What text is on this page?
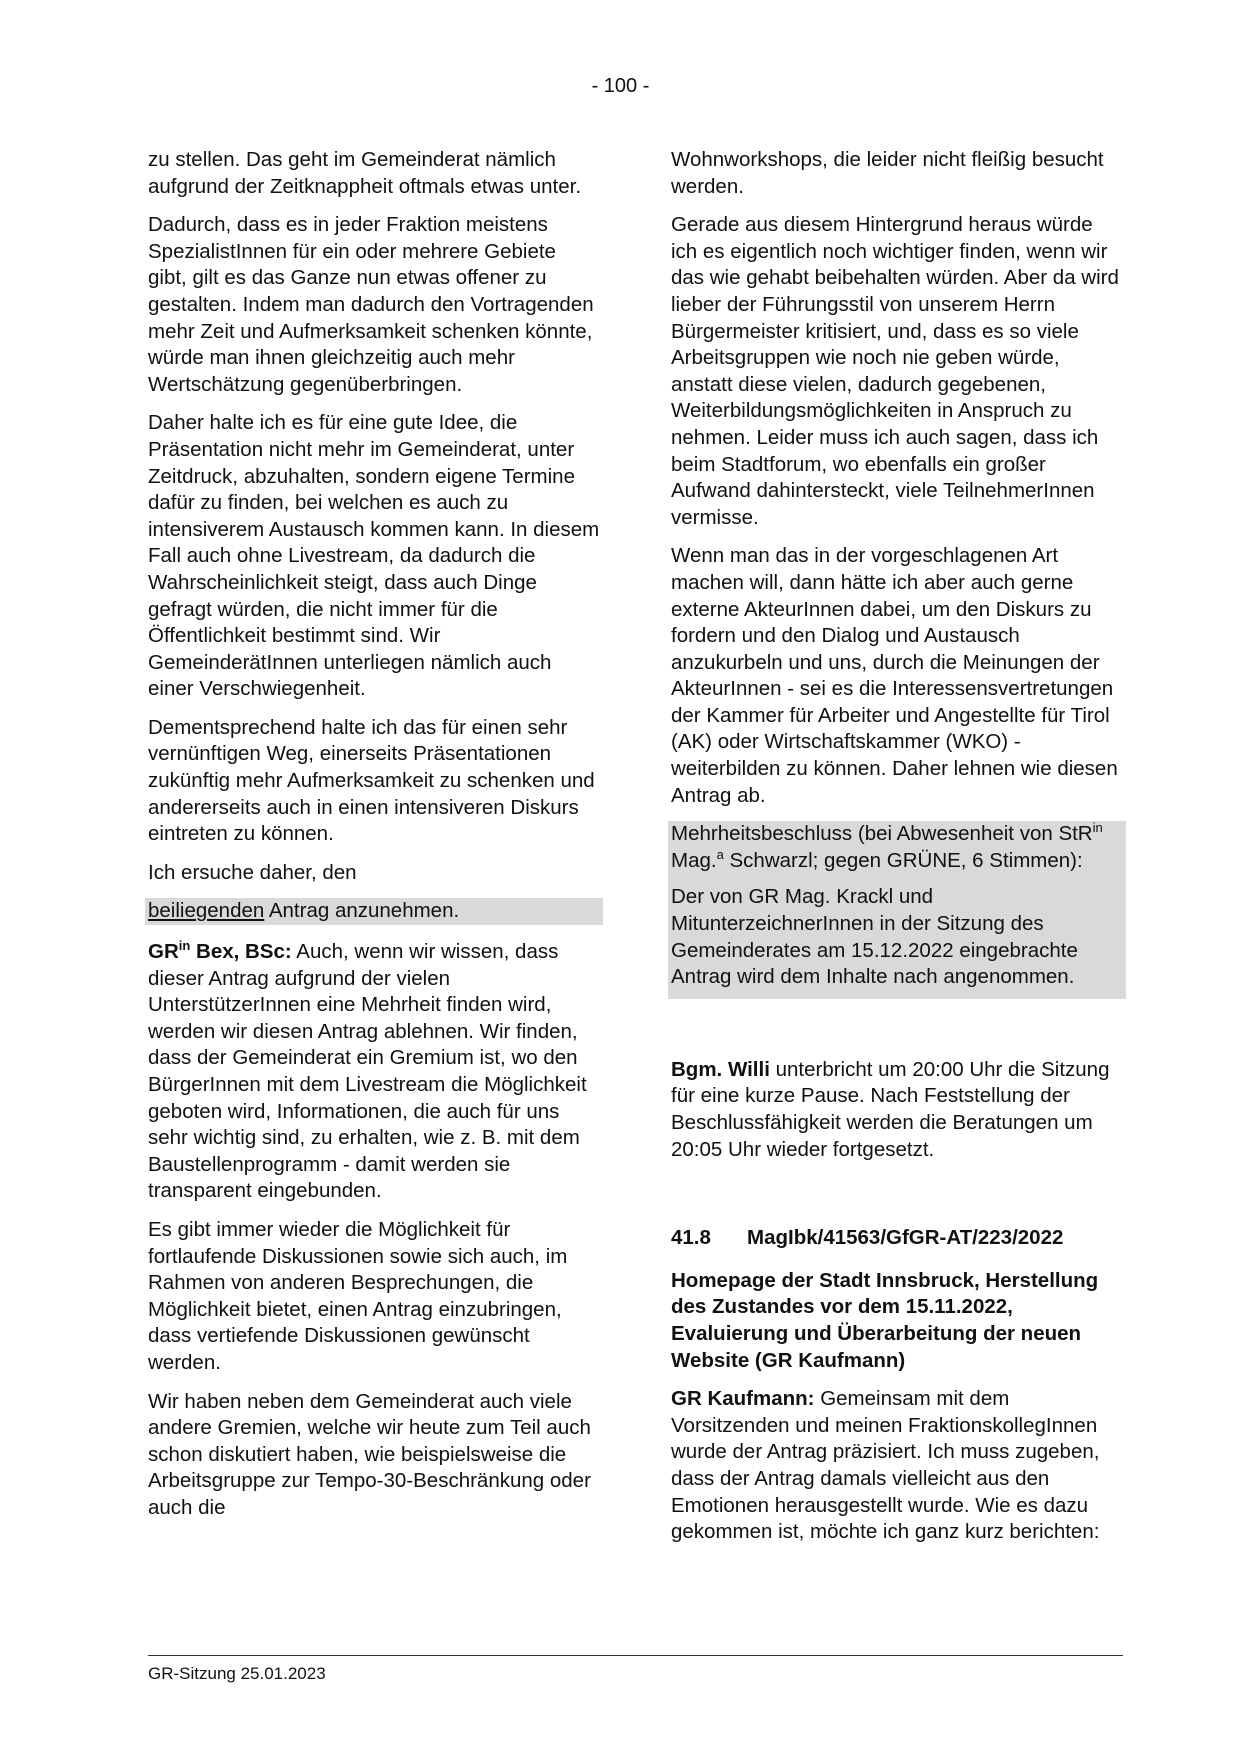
- 100 -

zu stellen. Das geht im Gemeinderat nämlich aufgrund der Zeitknappheit oftmals etwas unter.

Dadurch, dass es in jeder Fraktion meistens SpezialistInnen für ein oder mehrere Gebiete gibt, gilt es das Ganze nun etwas offener zu gestalten. Indem man dadurch den Vortragenden mehr Zeit und Aufmerksamkeit schenken könnte, würde man ihnen gleichzeitig auch mehr Wertschätzung gegenüberbringen.

Daher halte ich es für eine gute Idee, die Präsentation nicht mehr im Gemeinderat, unter Zeitdruck, abzuhalten, sondern eigene Termine dafür zu finden, bei welchen es auch zu intensiverem Austausch kommen kann. In diesem Fall auch ohne Livestream, da dadurch die Wahrscheinlichkeit steigt, dass auch Dinge gefragt würden, die nicht immer für die Öffentlichkeit bestimmt sind. Wir GemeinderätInnen unterliegen nämlich auch einer Verschwiegenheit.

Dementsprechend halte ich das für einen sehr vernünftigen Weg, einerseits Präsentationen zukünftig mehr Aufmerksamkeit zu schenken und andererseits auch in einen intensiveren Diskurs eintreten zu können.

Ich ersuche daher, den

beiliegenden Antrag anzunehmen.

$GR^{in}$ Bex, BSc: Auch, wenn wir wissen, dass dieser Antrag aufgrund der vielen UnterstützerInnen eine Mehrheit finden wird, werden wir diesen Antrag ablehnen. Wir finden, dass der Gemeinderat ein Gremium ist, wo den BürgerInnen mit dem Livestream die Möglichkeit geboten wird, Informationen, die auch für uns sehr wichtig sind, zu erhalten, wie z. B. mit dem Baustellenprogramm - damit werden sie transparent eingebunden.

Es gibt immer wieder die Möglichkeit für fortlaufende Diskussionen sowie sich auch, im Rahmen von anderen Besprechungen, die Möglichkeit bietet, einen Antrag einzubringen, dass vertiefende Diskussionen gewünscht werden.

Wir haben neben dem Gemeinderat auch viele andere Gremien, welche wir heute zum Teil auch schon diskutiert haben, wie beispielsweise die Arbeitsgruppe zur Tempo-30-Beschränkung oder auch die

Wohnworkshops, die leider nicht fleißig besucht werden.

Gerade aus diesem Hintergrund heraus würde ich es eigentlich noch wichtiger finden, wenn wir das wie gehabt beibehalten würden. Aber da wird lieber der Führungsstil von unserem Herrn Bürgermeister kritisiert, und, dass es so viele Arbeitsgruppen wie noch nie geben würde, anstatt diese vielen, dadurch gegebenen, Weiterbildungsmöglichkeiten in Anspruch zu nehmen. Leider muss ich auch sagen, dass ich beim Stadtforum, wo ebenfalls ein großer Aufwand dahintersteckt, viele TeilnehmerInnen vermisse.

Wenn man das in der vorgeschlagenen Art machen will, dann hätte ich aber auch gerne externe AkteurInnen dabei, um den Diskurs zu fordern und den Dialog und Austausch anzukurbeln und uns, durch die Meinungen der AkteurInnen - sei es die Interessensvertretungen der Kammer für Arbeiter und Angestellte für Tirol (AK) oder Wirtschaftskammer (WKO) - weiterbilden zu können. Daher lehnen wie diesen Antrag ab.

Mehrheitsbeschluss (bei Abwesenheit von StR$^{in}$ Mag.$^a$ Schwarzl; gegen GRÜNE, 6 Stimmen):

Der von GR Mag. Krackl und MitunterzeichnerInnen in der Sitzung des Gemeinderates am 15.12.2022 eingebrachte Antrag wird dem Inhalte nach angenommen.

Bgm. Willi unterbricht um 20:00 Uhr die Sitzung für eine kurze Pause. Nach Feststellung der Beschlussfähigkeit werden die Beratungen um 20:05 Uhr wieder fortgesetzt.

41.8	MagIbk/41563/GfGR-AT/223/2022

Homepage der Stadt Innsbruck, Herstellung des Zustandes vor dem 15.11.2022, Evaluierung und Überarbeitung der neuen Website (GR Kaufmann)

GR Kaufmann: Gemeinsam mit dem Vorsitzenden und meinen FraktionskollegInnen wurde der Antrag präzisiert. Ich muss zugeben, dass der Antrag damals vielleicht aus den Emotionen herausgestellt wurde. Wie es dazu gekommen ist, möchte ich ganz kurz berichten:

GR-Sitzung 25.01.2023
